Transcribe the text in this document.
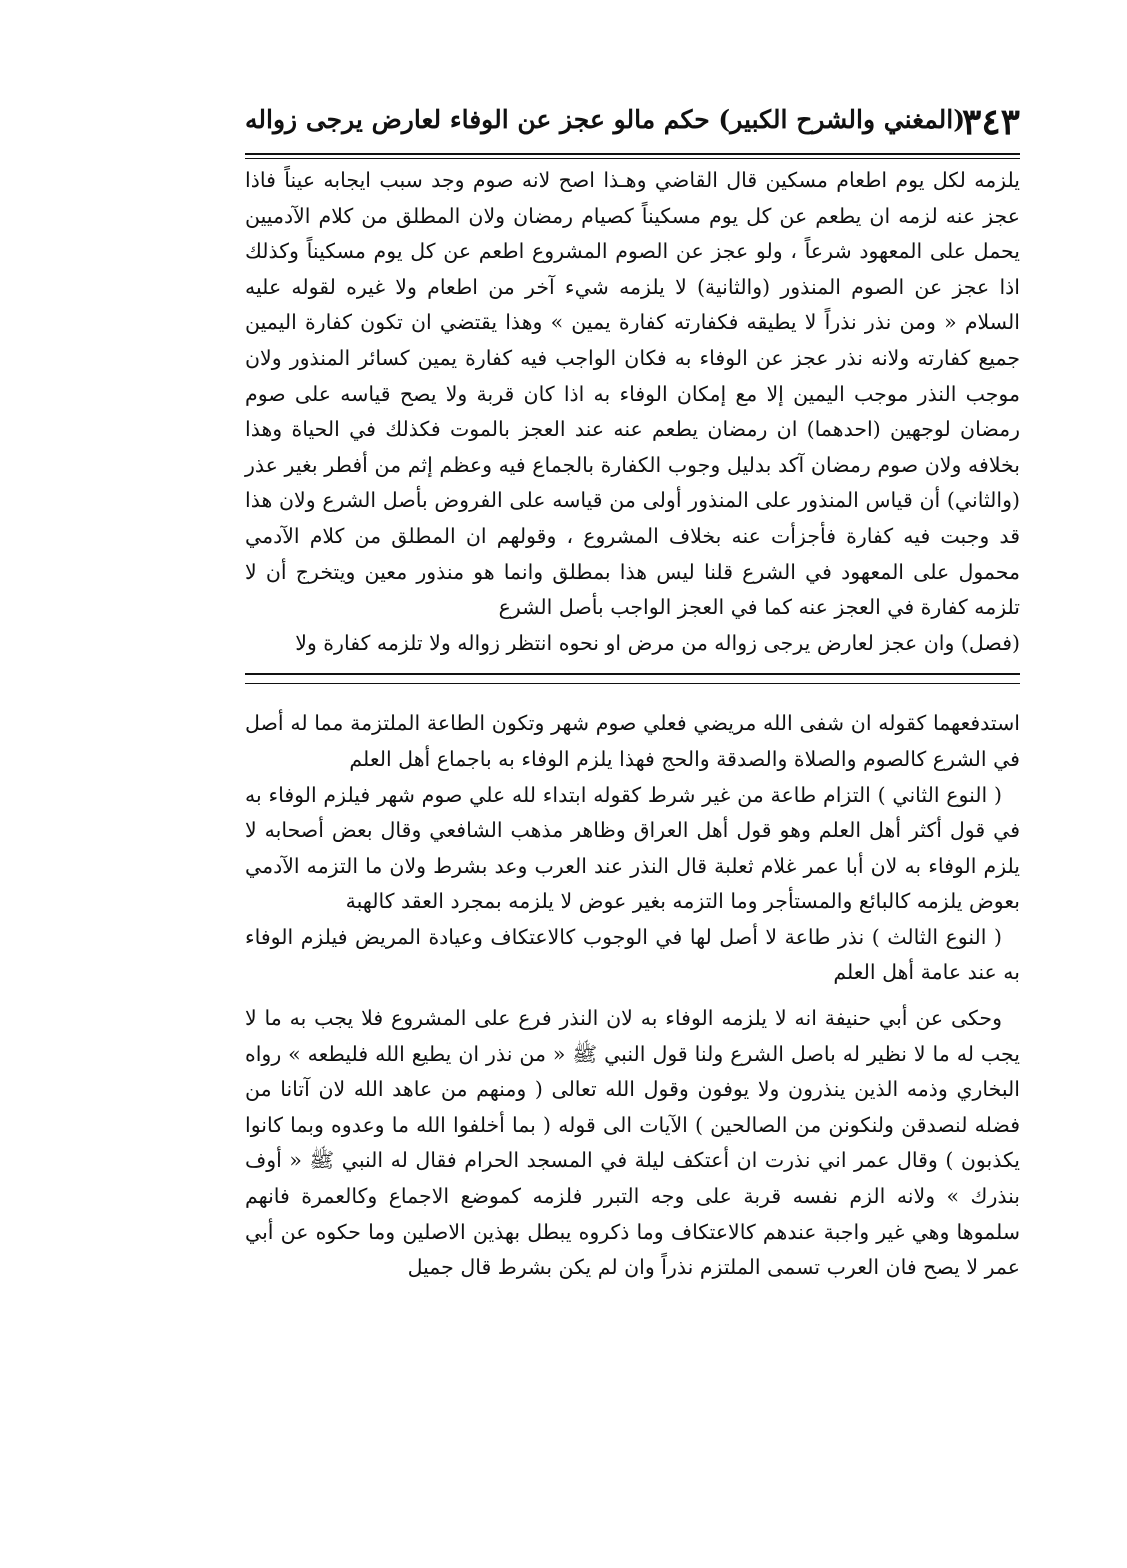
٣٤٣
(المغني والشرح الكبير) حكم مالو عجز عن الوفاء لعارض يرجى زواله

يلزمه لكل يوم اطعام مسكين قال القاضي وهـذا اصح لانه صوم وجد سبب ايجابه عيناً فاذا عجز عنه لزمه ان يطعم عن كل يوم مسكيناً كصيام رمضان ولان المطلق من كلام الآدميين يحمل على المعهود شرعاً ، ولو عجز عن الصوم المشروع اطعم عن كل يوم مسكيناً وكذلك اذا عجز عن الصوم المنذور (والثانية) لا يلزمه شيء آخر من اطعام ولا غيره لقوله عليه السلام « ومن نذر نذراً لا يطيقه فكفارته كفارة يمين » وهذا يقتضي ان تكون كفارة اليمين جميع كفارته ولانه نذر عجز عن الوفاء به فكان الواجب فيه كفارة يمين كسائر المنذور ولان موجب النذر موجب اليمين إلا مع إمكان الوفاء به اذا كان قربة ولا يصح قياسه على صوم رمضان لوجهين (احدهما) ان رمضان يطعم عنه عند العجز بالموت فكذلك في الحياة وهذا بخلافه ولان صوم رمضان آكد بدليل وجوب الكفارة بالجماع فيه وعظم إثم من أفطر بغير عذر (والثاني) أن قياس المنذور على المنذور أولى من قياسه على الفروض بأصل الشرع ولان هذا قد وجبت فيه كفارة فأجزأت عنه بخلاف المشروع ، وقولهم ان المطلق من كلام الآدمي محمول على المعهود في الشرع قلنا ليس هذا بمطلق وانما هو منذور معين ويتخرج أن لا تلزمه كفارة في العجز عنه كما في العجز الواجب بأصل الشرع

(فصل) وان عجز لعارض يرجى زواله من مرض او نحوه انتظر زواله ولا تلزمه كفارة ولا

استدفعهما كقوله ان شفى الله مريضي فعلي صوم شهر وتكون الطاعة الملتزمة مما له أصل في الشرع كالصوم والصلاة والصدقة والحج فهذا يلزم الوفاء به باجماع أهل العلم

( النوع الثاني ) التزام طاعة من غير شرط كقوله ابتداء لله علي صوم شهر فيلزم الوفاء به في قول أكثر أهل العلم وهو قول أهل العراق وظاهر مذهب الشافعي وقال بعض أصحابه لا يلزم الوفاء به لان أبا عمر غلام ثعلبة قال النذر عند العرب وعد بشرط ولان ما التزمه الآدمي بعوض يلزمه كالبائع والمستأجر وما التزمه بغير عوض لا يلزمه بمجرد العقد كالهبة

( النوع الثالث ) نذر طاعة لا أصل لها في الوجوب كالاعتكاف وعيادة المريض فيلزم الوفاء به عند عامة أهل العلم

وحكى عن أبي حنيفة انه لا يلزمه الوفاء به لان النذر فرع على المشروع فلا يجب به ما لا يجب له ما لا نظير له باصل الشرع ولنا قول النبي ﷺ « من نذر ان يطيع الله فليطعه » رواه البخاري وذمه الذين ينذرون ولا يوفون وقول الله تعالى ( ومنهم من عاهد الله لان آتانا من فضله لنصدقن ولنكونن من الصالحين ) الآيات الى قوله ( بما أخلفوا الله ما وعدوه وبما كانوا يكذبون ) وقال عمر اني نذرت ان أعتكف ليلة في المسجد الحرام فقال له النبي ﷺ « أوف بنذرك » ولانه الزم نفسه قربة على وجه التبرر فلزمه كموضع الاجماع وكالعمرة فانهم سلموها وهي غير واجبة عندهم كالاعتكاف وما ذكروه يبطل بهذين الاصلين وما حكوه عن أبي عمر لا يصح فان العرب تسمى الملتزم نذراً وان لم يكن بشرط قال جميل
